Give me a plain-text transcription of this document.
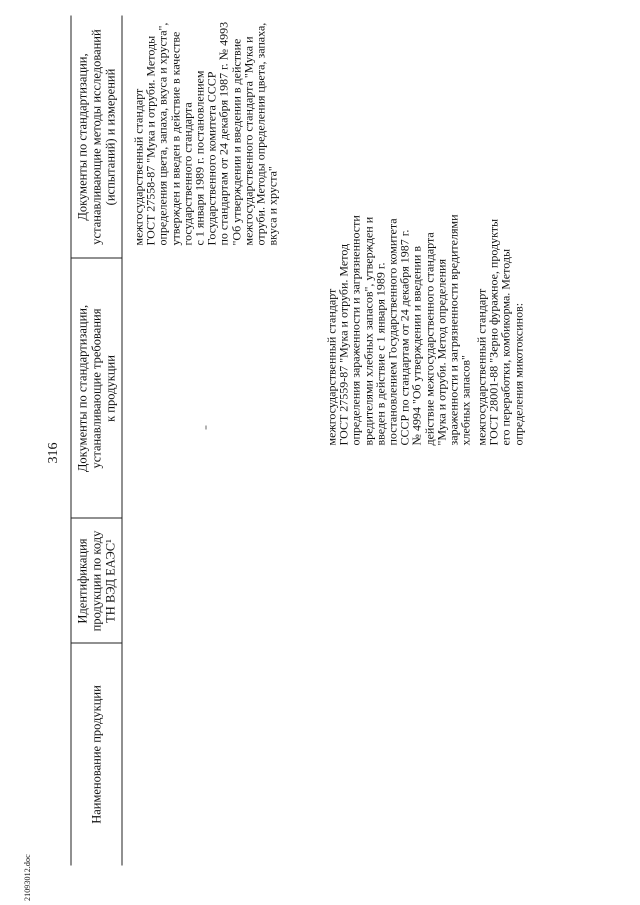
316
21093012.doc
Наименование продукции
Идентификация
продукции по коду
ТН ВЭД ЕАЭС¹
Документы по стандартизации,
устанавливающие требования
к продукции
Документы по стандартизации,
устанавливающие методы исследований
(испытаний) и измерений
межгосударственный стандарт
ГОСТ 27558-87 "Мука и отруби. Методы
определения цвета, запаха, вкуса и хруста",
утвержден и введен в действие в качестве
государственного стандарта
с 1 января 1989 г. постановлением
Государственного комитета СССР
по стандартам от 24 декабря 1987 г. № 4993
"Об утверждении и введении в действие
межгосударственного стандарта "Мука и
отруби. Методы определения цвета, запаха,
вкуса и хруста"
межгосударственный стандарт
ГОСТ 27559-87 "Мука и отруби. Метод
определения зараженности и загрязненности
вредителями хлебных запасов", утвержден и
введен в действие с 1 января 1989 г.
постановлением Государственного комитета
СССР по стандартам от 24 декабря 1987 г.
№ 4994 "Об утверждении и введении в
действие межгосударственного стандарта
"Мука и отруби. Метод определения
зараженности и загрязненности вредителями
хлебных запасов" межгосударственный стандарт
ГОСТ 28001-88 "Зерно фуражное, продукты
его переработки, комбикорма. Методы
определения микотоксинов:
